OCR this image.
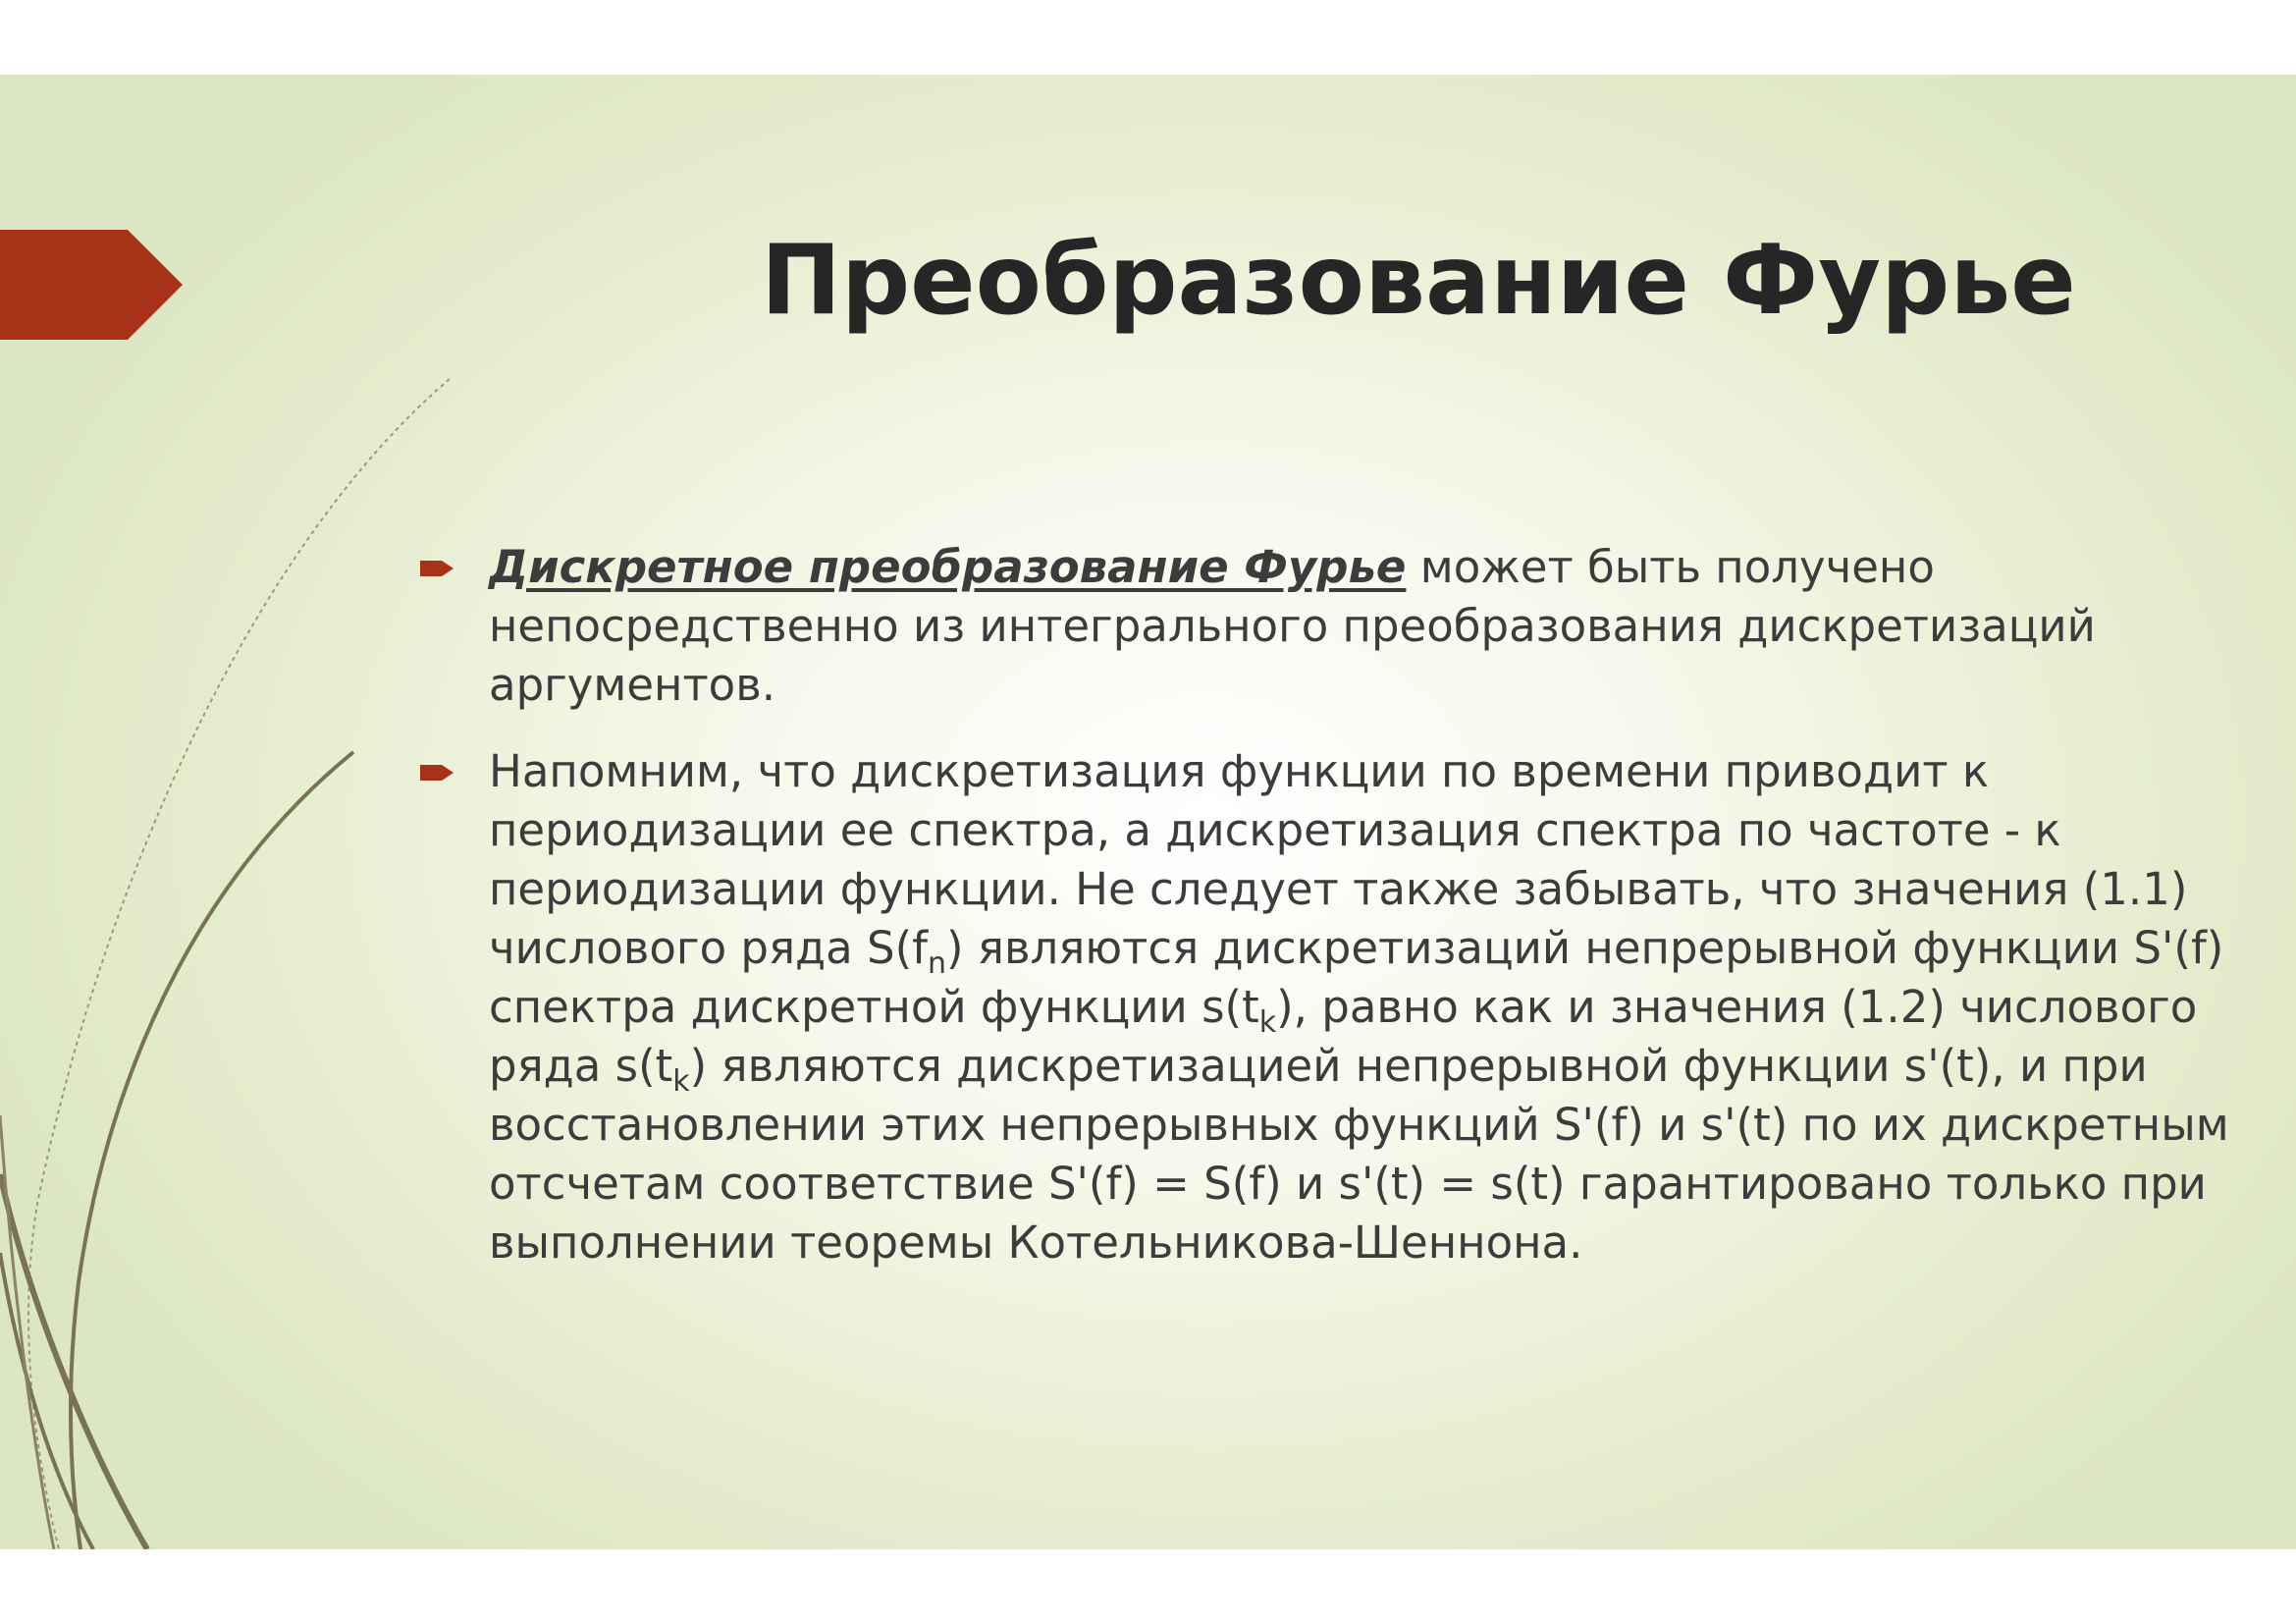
Преобразование Фурье
Дискретное преобразование Фурье может быть получено непосредственно из интегрального преобразования дискретизаций аргументов.
Напомним, что дискретизация функции по времени приводит к периодизации ее спектра, а дискретизация спектра по частоте - к периодизации функции. Не следует также забывать, что значения (1.1) числового ряда $S(f_n)$ являются дискретизаций непрерывной функции S'(f) спектра дискретной функции $s(t_k)$, равно как и значения (1.2) числового ряда $s(t_k)$ являются дискретизацией непрерывной функции s'(t), и при восстановлении этих непрерывных функций S'(f) и s'(t) по их дискретным отсчетам соответствие S'(f) = S(f) и s'(t) = s(t) гарантировано только при выполнении теоремы Котельникова-Шеннона.
